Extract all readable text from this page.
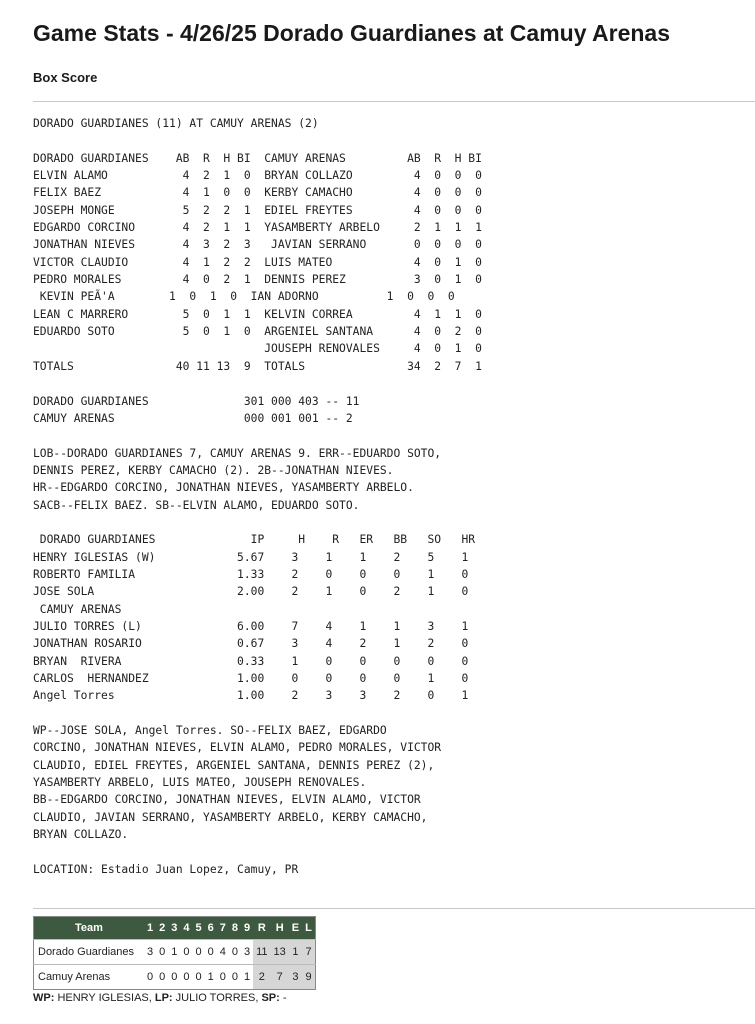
Game Stats - 4/26/25 Dorado Guardianes at Camuy Arenas
Box Score
DORADO GUARDIANES (11) AT CAMUY ARENAS (2)

DORADO GUARDIANES    AB  R  H BI  CAMUY ARENAS         AB  R  H BI
ELVIN ALAMO           4  2  1  0  BRYAN COLLAZO         4  0  0  0
FELIX BAEZ            4  1  0  0  KERBY CAMACHO         4  0  0  0
JOSEPH MONGE          5  2  2  1  EDIEL FREYTES         4  0  0  0
EDGARDO CORCINO       4  2  1  1  YASAMBERTY ARBELO     2  1  1  1
JONATHAN NIEVES       4  3  2  3   JAVIAN SERRANO       0  0  0  0
VICTOR CLAUDIO        4  1  2  2  LUIS MATEO            4  0  1  0
PEDRO MORALES         4  0  2  1  DENNIS PEREZ          3  0  1  0
KEVIN PEÃ'A        1  0  1  0  IAN ADORNO          1  0  0  0
LEAN C MARRERO        5  0  1  1  KELVIN CORREA         4  1  1  0
EDUARDO SOTO          5  0  1  0  ARGENIEL SANTANA      4  0  2  0
JOUSEPH RENOVALES     4  0  1  0
TOTALS               40 11 13  9  TOTALS               34  2  7  1

DORADO GUARDIANES              301 000 403 -- 11
CAMUY ARENAS                   000 001 001 -- 2

LOB--DORADO GUARDIANES 7, CAMUY ARENAS 9. ERR--EDUARDO SOTO,
DENNIS PEREZ, KERBY CAMACHO (2). 2B--JONATHAN NIEVES.
HR--EDGARDO CORCINO, JONATHAN NIEVES, YASAMBERTY ARBELO.
SACB--FELIX BAEZ. SB--ELVIN ALAMO, EDUARDO SOTO.

DORADO GUARDIANES              IP     H    R   ER   BB   SO   HR
HENRY IGLESIAS (W)            5.67    3    1    1    2    5    1
ROBERTO FAMILIA               1.33    2    0    0    0    1    0
JOSE SOLA                     2.00    2    1    0    2    1    0
CAMUY ARENAS
JULIO TORRES (L)              6.00    7    4    1    1    3    1
JONATHAN ROSARIO              0.67    3    4    2    1    2    0
BRYAN  RIVERA                 0.33    1    0    0    0    0    0
CARLOS  HERNANDEZ             1.00    0    0    0    0    1    0
Angel Torres                  1.00    2    3    3    2    0    1

WP--JOSE SOLA, Angel Torres. SO--FELIX BAEZ, EDGARDO
CORCINO, JONATHAN NIEVES, ELVIN ALAMO, PEDRO MORALES, VICTOR
CLAUDIO, EDIEL FREYTES, ARGENIEL SANTANA, DENNIS PEREZ (2),
YASAMBERTY ARBELO, LUIS MATEO, JOUSEPH RENOVALES.
BB--EDGARDO CORCINO, JONATHAN NIEVES, ELVIN ALAMO, VICTOR
CLAUDIO, JAVIAN SERRANO, YASAMBERTY ARBELO, KERBY CAMACHO,
BRYAN COLLAZO.

LOCATION: Estadio Juan Lopez, Camuy, PR

Team	1	2	3	4	5	6	7	8	9	R	H	E	L
Dorado Guardianes	3	0	1	0	0	0	4	0	3	11	13	1	7
Camuy Arenas	0	0	0	0	0	1	0	0	1	2	7	3	9
WP: HENRY IGLESIAS, LP: JULIO TORRES, SP: -
